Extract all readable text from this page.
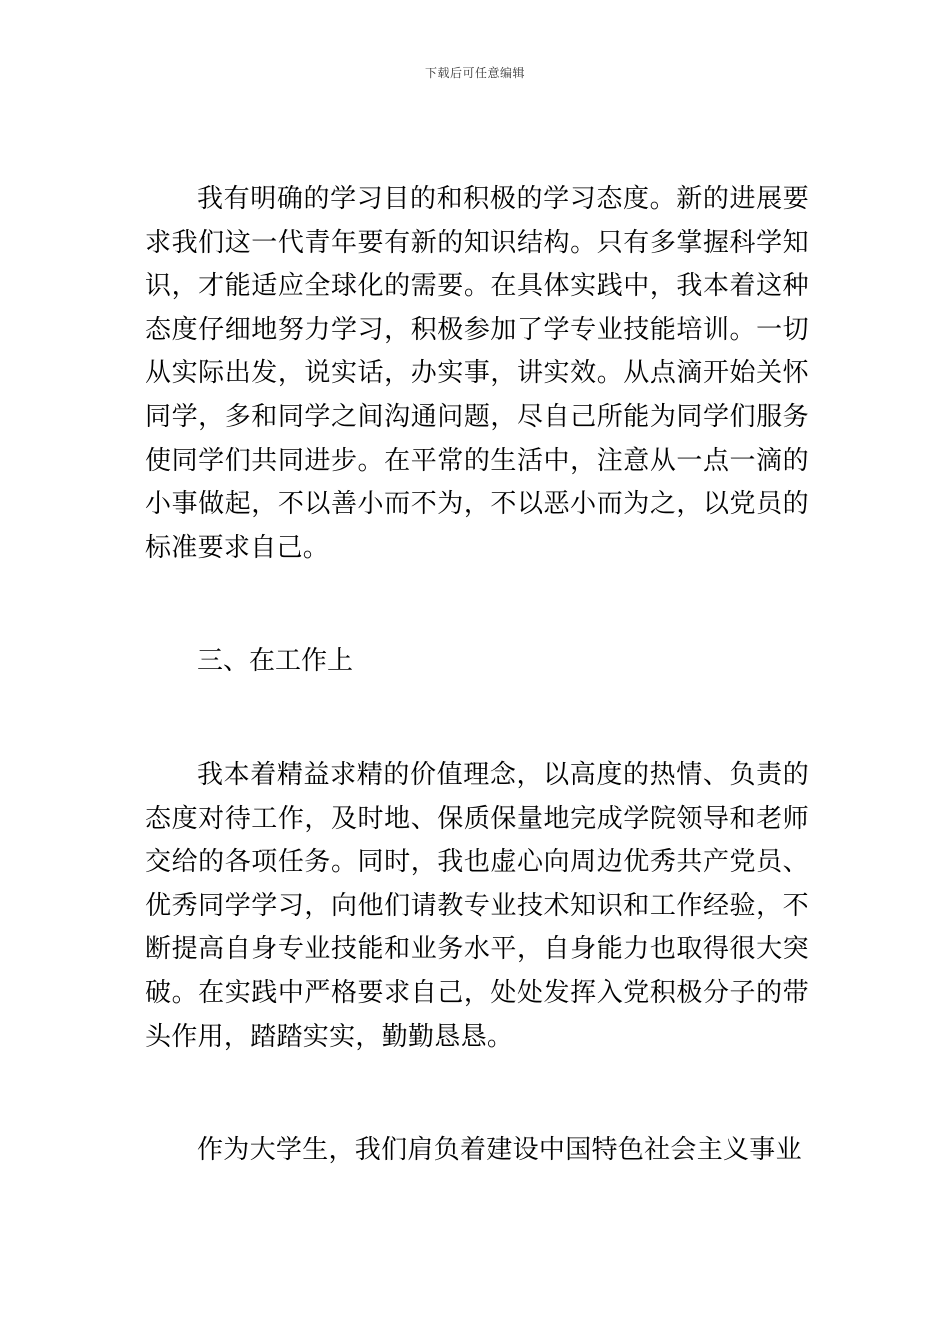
下载后可任意编辑

我有明确的学习目的和积极的学习态度。新的进展要求我们这一代青年要有新的知识结构。只有多掌握科学知识，才能适应全球化的需要。在具体实践中，我本着这种态度仔细地努力学习，积极参加了学专业技能培训。一切从实际出发，说实话，办实事，讲实效。从点滴开始关怀同学，多和同学之间沟通问题，尽自己所能为同学们服务使同学们共同进步。在平常的生活中，注意从一点一滴的小事做起，不以善小而不为，不以恶小而为之，以党员的标准要求自己。

三、在工作上

我本着精益求精的价值理念，以高度的热情、负责的态度对待工作，及时地、保质保量地完成学院领导和老师交给的各项任务。同时，我也虚心向周边优秀共产党员、优秀同学学习，向他们请教专业技术知识和工作经验，不断提高自身专业技能和业务水平，自身能力也取得很大突破。在实践中严格要求自己，处处发挥入党积极分子的带头作用，踏踏实实，勤勤恳恳。

作为大学生，我们肩负着建设中国特色社会主义事业
